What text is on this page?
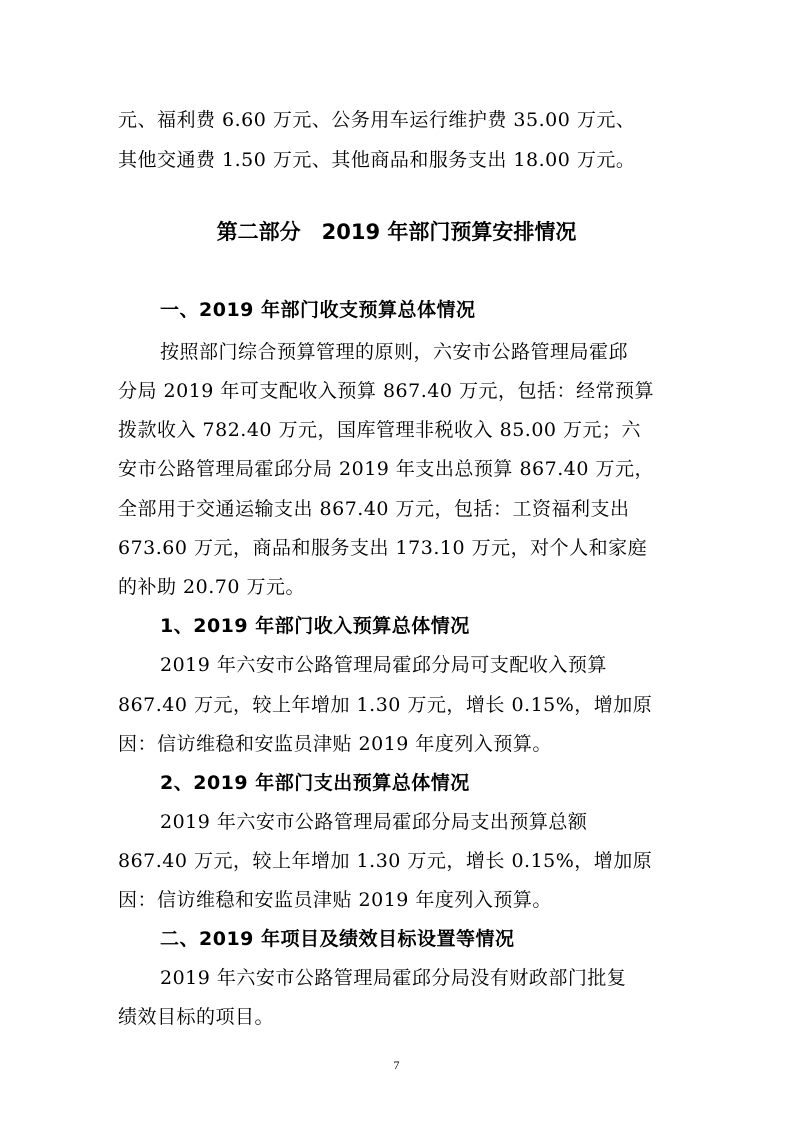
元、福利费 6.60 万元、公务用车运行维护费 35.00 万元、
其他交通费 1.50 万元、其他商品和服务支出 18.00 万元。
第二部分　2019 年部门预算安排情况
一、2019 年部门收支预算总体情况
按照部门综合预算管理的原则，六安市公路管理局霍邱
分局 2019 年可支配收入预算 867.40 万元，包括：经常预算
拨款收入 782.40 万元，国库管理非税收入 85.00 万元；六
安市公路管理局霍邱分局 2019 年支出总预算 867.40 万元，
全部用于交通运输支出 867.40 万元，包括：工资福利支出
673.60 万元，商品和服务支出 173.10 万元，对个人和家庭
的补助 20.70 万元。
1、2019 年部门收入预算总体情况
2019 年六安市公路管理局霍邱分局可支配收入预算
867.40 万元，较上年增加 1.30 万元，增长 0.15%，增加原
因：信访维稳和安监员津贴 2019 年度列入预算。
2、2019 年部门支出预算总体情况
2019 年六安市公路管理局霍邱分局支出预算总额
867.40 万元，较上年增加 1.30 万元，增长 0.15%，增加原
因：信访维稳和安监员津贴 2019 年度列入预算。
二、2019 年项目及绩效目标设置等情况
2019 年六安市公路管理局霍邱分局没有财政部门批复
绩效目标的项目。
7
